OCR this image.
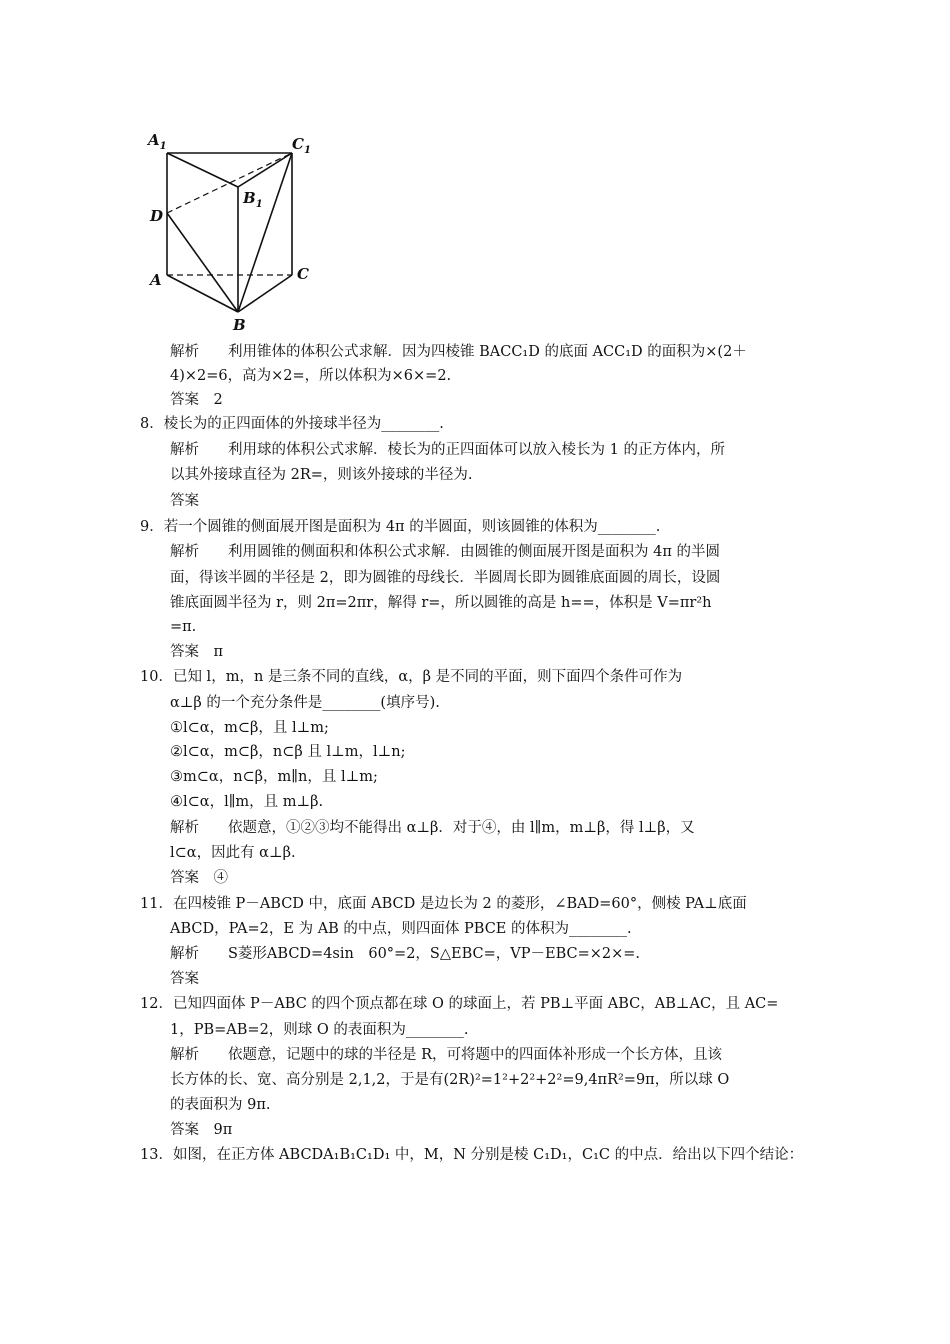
$A_1$	$C_1$
$B_1$
D
A	C
B
解析　　利用锥体的体积公式求解．因为四棱锥 BACC₁D 的底面 ACC₁D 的面积为×(2＋
4)×2=6，高为×2=，所以体积为×6×=2.
答案　2
8．棱长为的正四面体的外接球半径为________.
解析　　利用球的体积公式求解．棱长为的正四面体可以放入棱长为 1 的正方体内，所
以其外接球直径为 2R=，则该外接球的半径为.
答案
9．若一个圆锥的侧面展开图是面积为 4π 的半圆面，则该圆锥的体积为________.
解析　　利用圆锥的侧面积和体积公式求解．由圆锥的侧面展开图是面积为 4π 的半圆
面，得该半圆的半径是 2，即为圆锥的母线长．半圆周长即为圆锥底面圆的周长，设圆
锥底面圆半径为 r，则 2π=2πr，解得 r=，所以圆锥的高是 h==，体积是 V=πr²h
=π.
答案　π
10．已知 l，m，n 是三条不同的直线，α，β 是不同的平面，则下面四个条件可作为
α⊥β 的一个充分条件是________(填序号).
①l⊂α，m⊂β，且 l⊥m;
②l⊂α，m⊂β，n⊂β 且 l⊥m，l⊥n;
③m⊂α，n⊂β，m∥n，且 l⊥m;
④l⊂α，l∥m，且 m⊥β.
解析　　依题意，①②③均不能得出 α⊥β．对于④，由 l∥m，m⊥β，得 l⊥β，又
l⊂α，因此有 α⊥β.
答案　④
11．在四棱锥 P－ABCD 中，底面 ABCD 是边长为 2 的菱形，∠BAD=60°，侧棱 PA⊥底面
ABCD，PA=2，E 为 AB 的中点，则四面体 PBCE 的体积为________.
解析　　S菱形ABCD=4sin　60°=2，S△EBC=，VP－EBC=×2×=.
答案
12．已知四面体 P－ABC 的四个顶点都在球 O 的球面上，若 PB⊥平面 ABC，AB⊥AC，且 AC=
1，PB=AB=2，则球 O 的表面积为________.
解析　　依题意，记题中的球的半径是 R，可将题中的四面体补形成一个长方体，且该
长方体的长、宽、高分别是 2,1,2，于是有(2R)²=1²+2²+2²=9,4πR²=9π，所以球 O
的表面积为 9π.
答案　9π
13．如图，在正方体 ABCDA₁B₁C₁D₁ 中，M，N 分别是棱 C₁D₁，C₁C 的中点．给出以下四个结论：
